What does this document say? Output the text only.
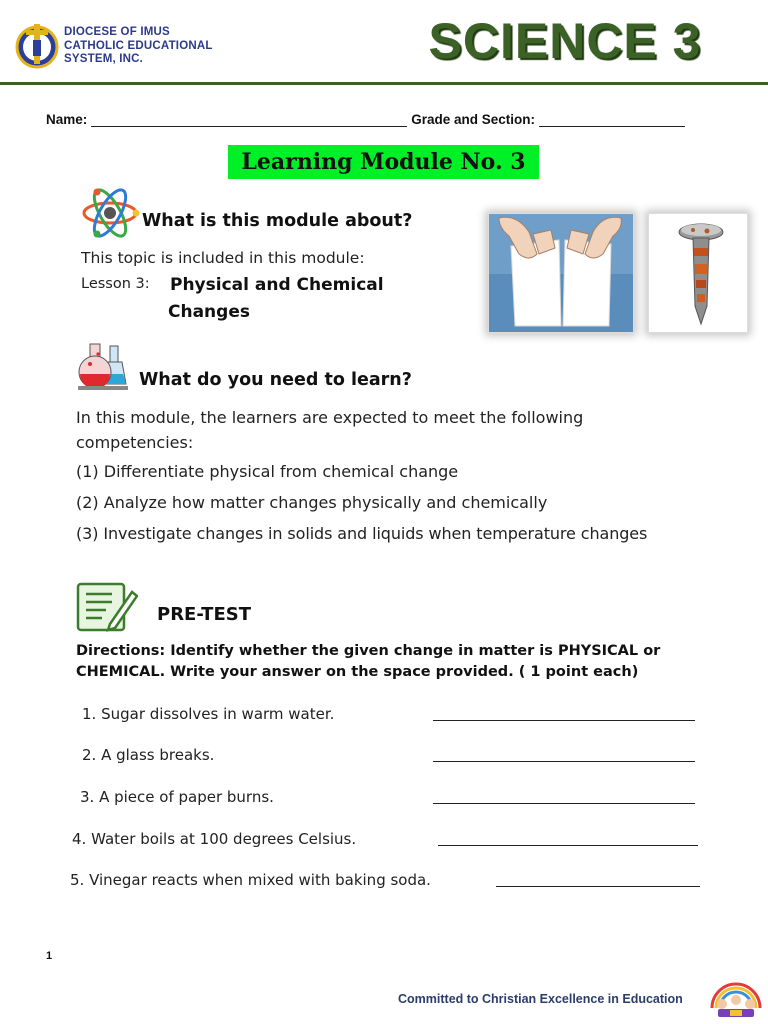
DIOCESE OF IMUS
CATHOLIC EDUCATIONAL
SYSTEM, INC.	SCIENCE 3
Name:	Grade and Section:
Learning Module No. 3
What is this module about?
This topic is included in this module:
Lesson 3: Physical and Chemical
Changes
What do you need to learn?
In this module, the learners are expected to meet the following
competencies:
(1) Differentiate physical from chemical change
(2) Analyze how matter changes physically and chemically
(3) Investigate changes in solids and liquids when temperature changes
PRE-TEST
Directions: Identify whether the given change in matter is PHYSICAL or
CHEMICAL. Write your answer on the space provided. ( 1 point each)
1. Sugar dissolves in warm water.
2. A glass breaks.
3. A piece of paper burns.
4. Water boils at 100 degrees Celsius.
5. Vinegar reacts when mixed with baking soda.
1
Committed to Christian Excellence in Education
